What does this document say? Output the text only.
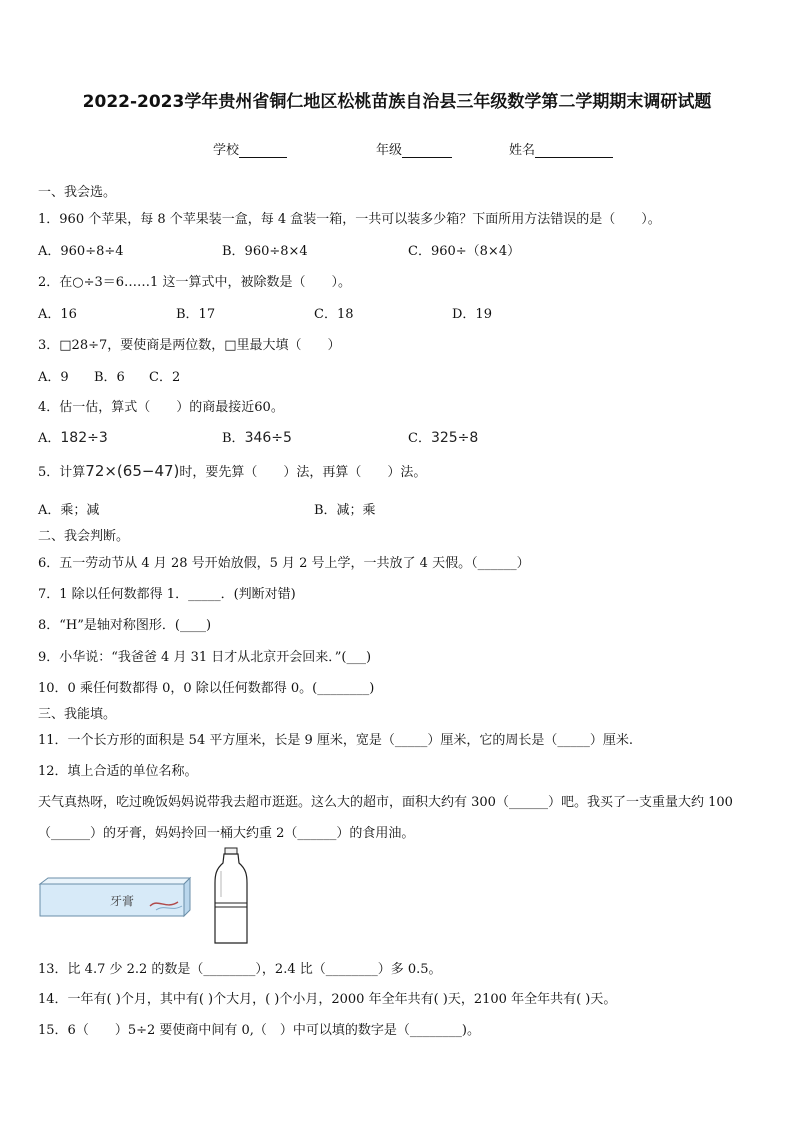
2022-2023学年贵州省铜仁地区松桃苗族自治县三年级数学第二学期期末调研试题
学校	年级	姓名
一、我会选。
1．960 个苹果，每 8 个苹果装一盒，每 4 盒装一箱，一共可以装多少箱？下面所用方法错误的是（　　）。
A．960÷8÷4	B．960÷8×4	C．960÷（8×4）
2．在○÷3＝6……1 这一算式中，被除数是（　　）。
A．16	B．17	C．18	D．19
3．□28÷7，要使商是两位数，□里最大填（　　）
A．9 B．6 C．2
4．估一估，算式（　　）的商最接近60。
A．182÷3	B．346÷5	C．325÷8
5．计算72×(65−47)时，要先算（　　）法，再算（　　）法。
A．乘；减	B．减；乘
二、我会判断。
6．五一劳动节从 4 月 28 号开始放假，5 月 2 号上学，一共放了 4 天假。（______）
7．1 除以任何数都得 1．_____．(判断对错)
8．“H”是轴对称图形．(____)
9．小华说：“我爸爸 4 月 31 日才从北京开会回来．”(___)
10．0 乘任何数都得 0，0 除以任何数都得 0。(________)
三、我能填。
11．一个长方形的面积是 54 平方厘米，长是 9 厘米，宽是（_____）厘米，它的周长是（_____）厘米.
12．填上合适的单位名称。
天气真热呀，吃过晚饭妈妈说带我去超市逛逛。这么大的超市，面积大约有 300（______）吧。我买了一支重量大约 100
（______）的牙膏，妈妈拎回一桶大约重 2（______）的食用油。
牙膏
13．比 4.7 少 2.2 的数是（________），2.4 比（________）多 0.5。
14．一年有( )个月，其中有( )个大月，( )个小月，2000 年全年共有( )天，2100 年全年共有( )天。
15．6（　　）5÷2 要使商中间有 0,（　）中可以填的数字是（________)。
